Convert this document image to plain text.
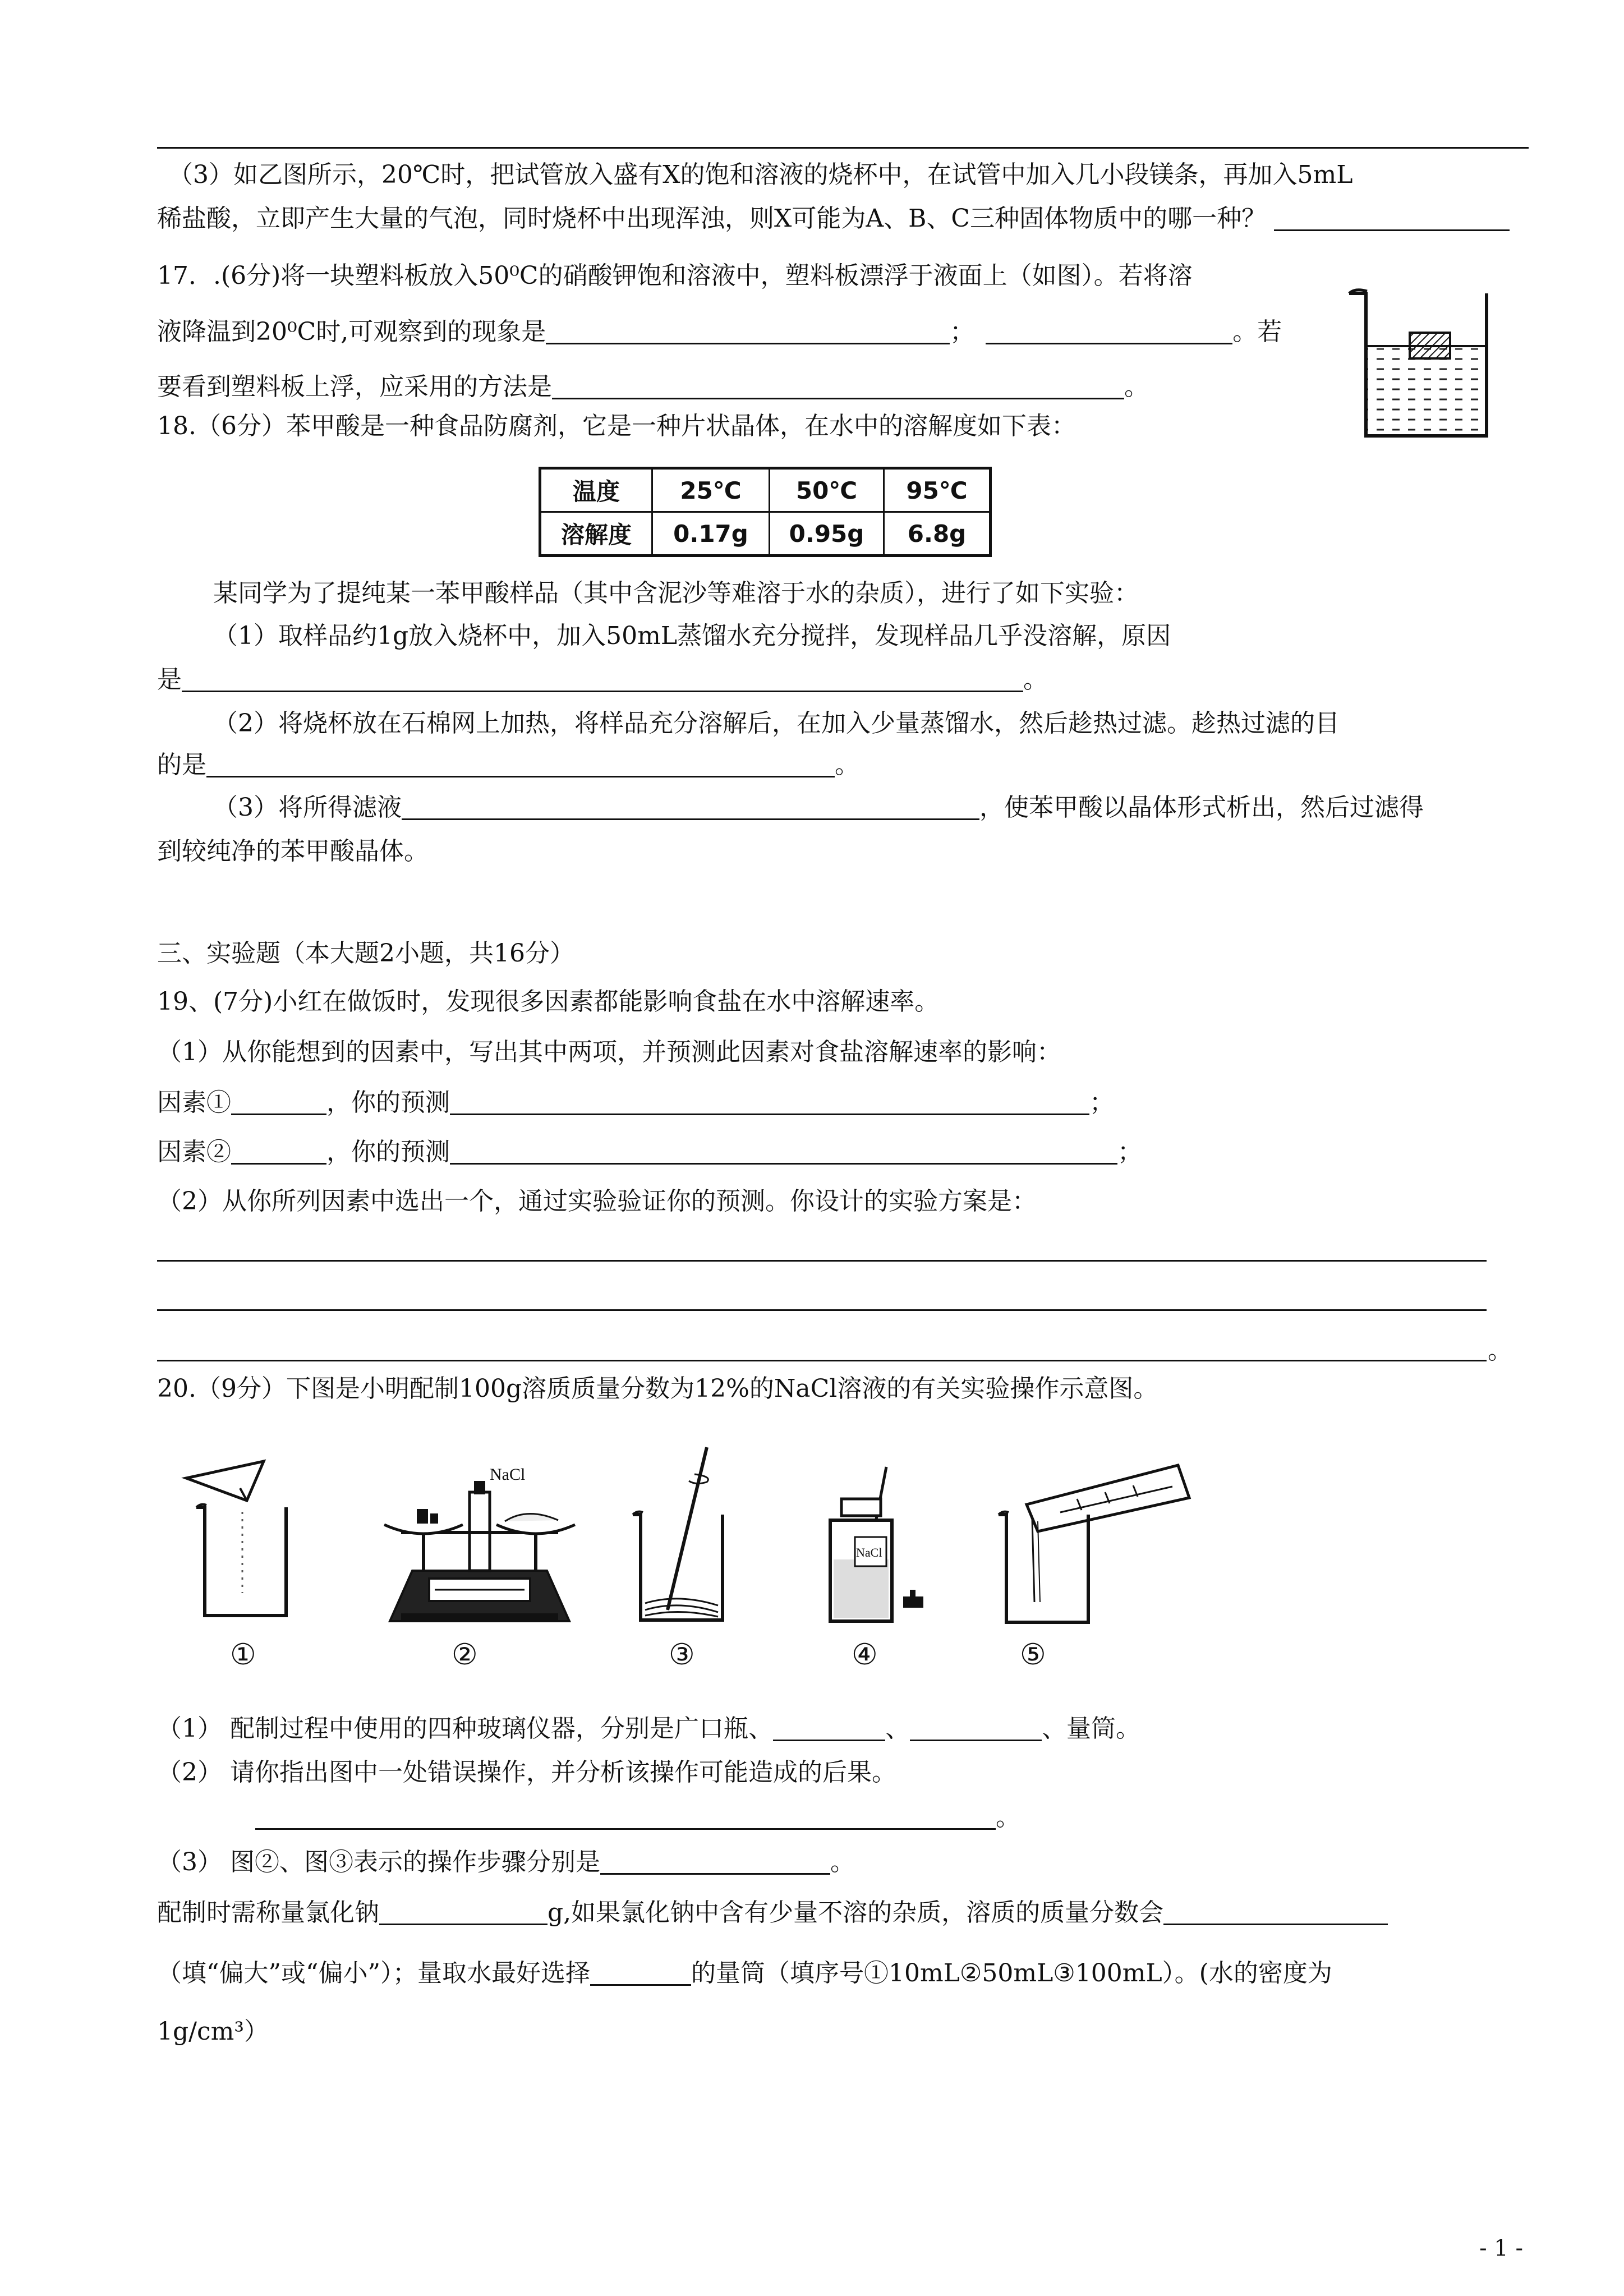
（3）如乙图所示，20℃时，把试管放入盛有X的饱和溶液的烧杯中，在试管中加入几小段镁条，再加入5mL
稀盐酸，立即产生大量的气泡，同时烧杯中出现浑浊，则X可能为A、B、C三种固体物质中的哪一种？
17．.(6分)将一块塑料板放入50⁰C的硝酸钾饱和溶液中，塑料板漂浮于液面上（如图）。若将溶
液降温到20⁰C时,可观察到的现象是	；	。若
要看到塑料板上浮，应采用的方法是	。
18.（6分）苯甲酸是一种食品防腐剂，它是一种片状晶体，在水中的溶解度如下表：
温度	25℃	50℃	95℃
溶解度	0.17g	0.95g	6.8g
某同学为了提纯某一苯甲酸样品（其中含泥沙等难溶于水的杂质），进行了如下实验：
（1）取样品约1g放入烧杯中，加入50mL蒸馏水充分搅拌，发现样品几乎没溶解，原因
是	。
（2）将烧杯放在石棉网上加热，将样品充分溶解后，在加入少量蒸馏水，然后趁热过滤。趁热过滤的目
的是	。
（3）将所得滤液	，使苯甲酸以晶体形式析出，然后过滤得
到较纯净的苯甲酸晶体。
三、实验题（本大题2小题，共16分）
19、(7分)小红在做饭时，发现很多因素都能影响食盐在水中溶解速率。
（1）从你能想到的因素中，写出其中两项，并预测此因素对食盐溶解速率的影响：
因素①	，你的预测	；
因素②	，你的预测	；
（2）从你所列因素中选出一个，通过实验验证你的预测。你设计的实验方案是：
。
20.（9分）下图是小明配制100g溶质质量分数为12%的NaCl溶液的有关实验操作示意图。
NaCl
NaCl
①	②	③	④	⑤
（1） 配制过程中使用的四种玻璃仪器，分别是广口瓶、	、	、量筒。
（2） 请你指出图中一处错误操作，并分析该操作可能造成的后果。
。
（3） 图②、图③表示的操作步骤分别是	。
配制时需称量氯化钠	g,如果氯化钠中含有少量不溶的杂质，溶质的质量分数会
（填“偏大”或“偏小”）；量取水最好选择	的量筒（填序号①10mL②50mL③100mL）。(水的密度为
1g/cm³）
- 1 -
